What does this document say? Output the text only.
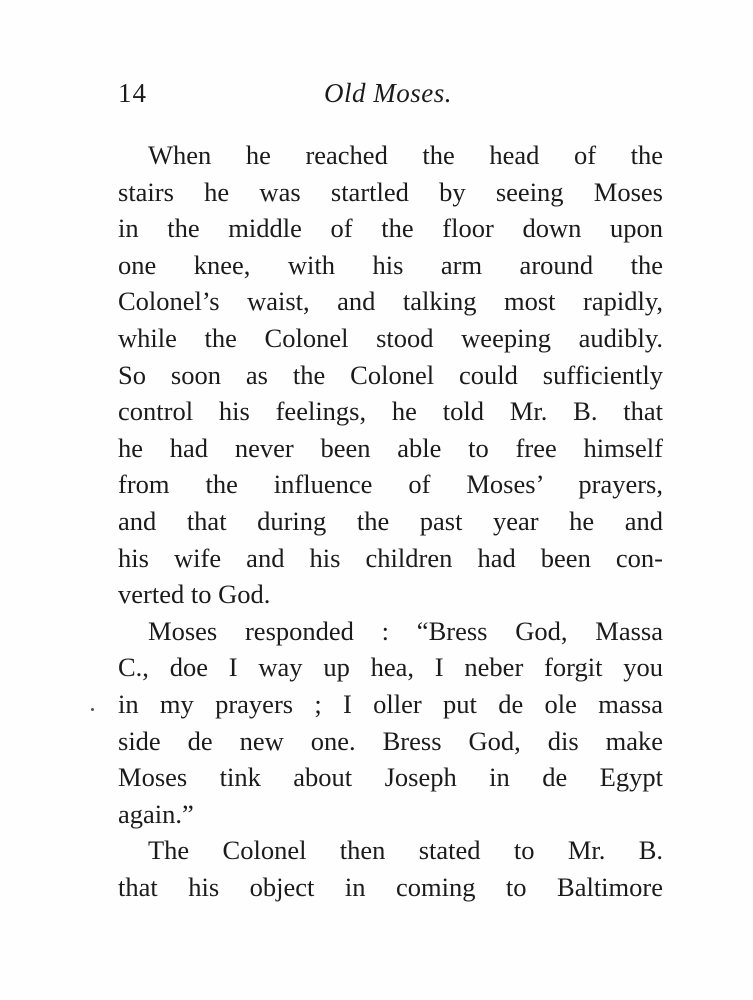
14	Old Moses.
When he reached the head of the
stairs he was startled by seeing Moses
in the middle of the floor down upon
one knee, with his arm around the
Colonel’s waist, and talking most rapidly,
while the Colonel stood weeping audibly.
So soon as the Colonel could sufficiently
control his feelings, he told Mr. B. that
he had never been able to free himself
from the influence of Moses’ prayers,
and that during the past year he and
his wife and his children had been con-
verted to God.
Moses responded : “Bress God, Massa
C., doe I way up hea, I neber forgit you
in my prayers ; I oller put de ole massa
side de new one. Bress God, dis make
Moses tink about Joseph in de Egypt
again.”
The Colonel then stated to Mr. B.
that his object in coming to Baltimore
